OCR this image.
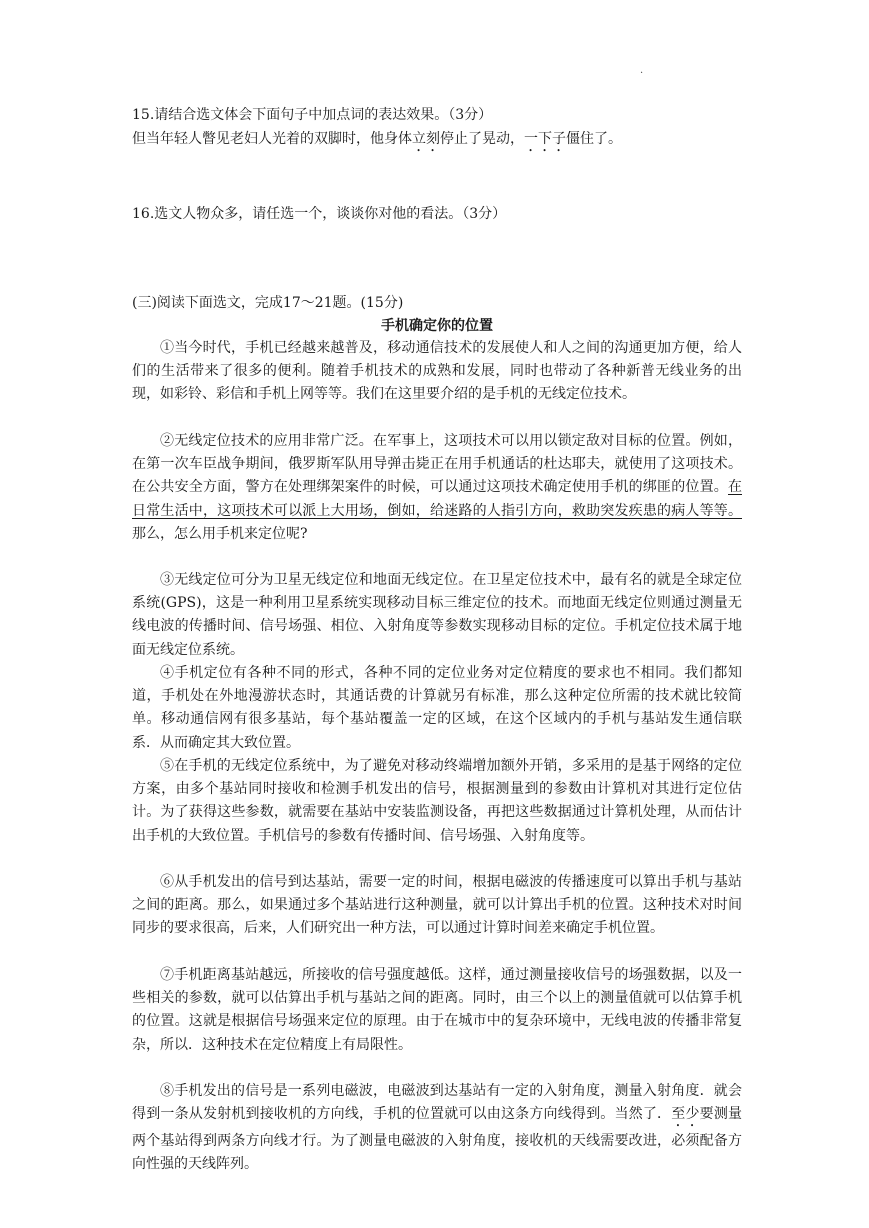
·
15.请结合选文体会下面句子中加点词的表达效果。（3分）
但当年轻人瞥见老妇人光着的双脚时，他身体立刻停止了晃动，一下子僵住了。
16.选文人物众多，请任选一个，谈谈你对他的看法。（3分）
(三)阅读下面选文，完成17～21题。(15分)
手机确定你的位置

①当今时代，手机已经越来越普及，移动通信技术的发展使人和人之间的沟通更加方便，给人们的生活带来了很多的便利。随着手机技术的成熟和发展，同时也带动了各种新普无线业务的出现，如彩铃、彩信和手机上网等等。我们在这里要介绍的是手机的无线定位技术。

②无线定位技术的应用非常广泛。在军事上，这项技术可以用以锁定敌对目标的位置。例如，在第一次车臣战争期间，俄罗斯军队用导弹击毙正在用手机通话的杜达耶夫，就使用了这项技术。在公共安全方面，警方在处理绑架案件的时候，可以通过这项技术确定使用手机的绑匪的位置。在日常生活中，这项技术可以派上大用场，倒如，给迷路的人指引方向，救助突发疾患的病人等等。那么，怎么用手机来定位呢?

③无线定位可分为卫星无线定位和地面无线定位。在卫星定位技术中，最有名的就是全球定位系统(GPS)，这是一种利用卫星系统实现移动目标三维定位的技术。而地面无线定位则通过测量无线电波的传播时间、信号场强、相位、入射角度等参数实现移动目标的定位。手机定位技术属于地面无线定位系统。

④手机定位有各种不同的形式，各种不同的定位业务对定位精度的要求也不相同。我们都知道，手机处在外地漫游状态时，其通话费的计算就另有标准，那么这种定位所需的技术就比较简单。移动通信网有很多基站，每个基站覆盖一定的区域，在这个区域内的手机与基站发生通信联系．从而确定其大致位置。

⑤在手机的无线定位系统中，为了避免对移动终端增加额外开销，多采用的是基于网络的定位方案，由多个基站同时接收和检测手机发出的信号，根据测量到的参数由计算机对其进行定位估计。为了获得这些参数，就需要在基站中安装监测设备，再把这些数据通过计算机处理，从而估计出手机的大致位置。手机信号的参数有传播时间、信号场强、入射角度等。

⑥从手机发出的信号到达基站，需要一定的时间，根据电磁波的传播速度可以算出手机与基站之间的距离。那么，如果通过多个基站进行这种测量，就可以计算出手机的位置。这种技术对时间同步的要求很高，后来，人们研究出一种方法，可以通过计算时间差来确定手机位置。

⑦手机距离基站越远，所接收的信号强度越低。这样，通过测量接收信号的场强数据，以及一些相关的参数，就可以估算出手机与基站之间的距离。同时，由三个以上的测量值就可以估算手机的位置。这就是根据信号场强来定位的原理。由于在城市中的复杂环境中，无线电波的传播非常复杂，所以．这种技术在定位精度上有局限性。

⑧手机发出的信号是一系列电磁波，电磁波到达基站有一定的入射角度，测量入射角度．就会得到一条从发射机到接收机的方向线，手机的位置就可以由这条方向线得到。当然了．至少要测量两个基站得到两条方向线才行。为了测量电磁波的入射角度，接收机的天线需要改进，必须配备方向性强的天线阵列。
